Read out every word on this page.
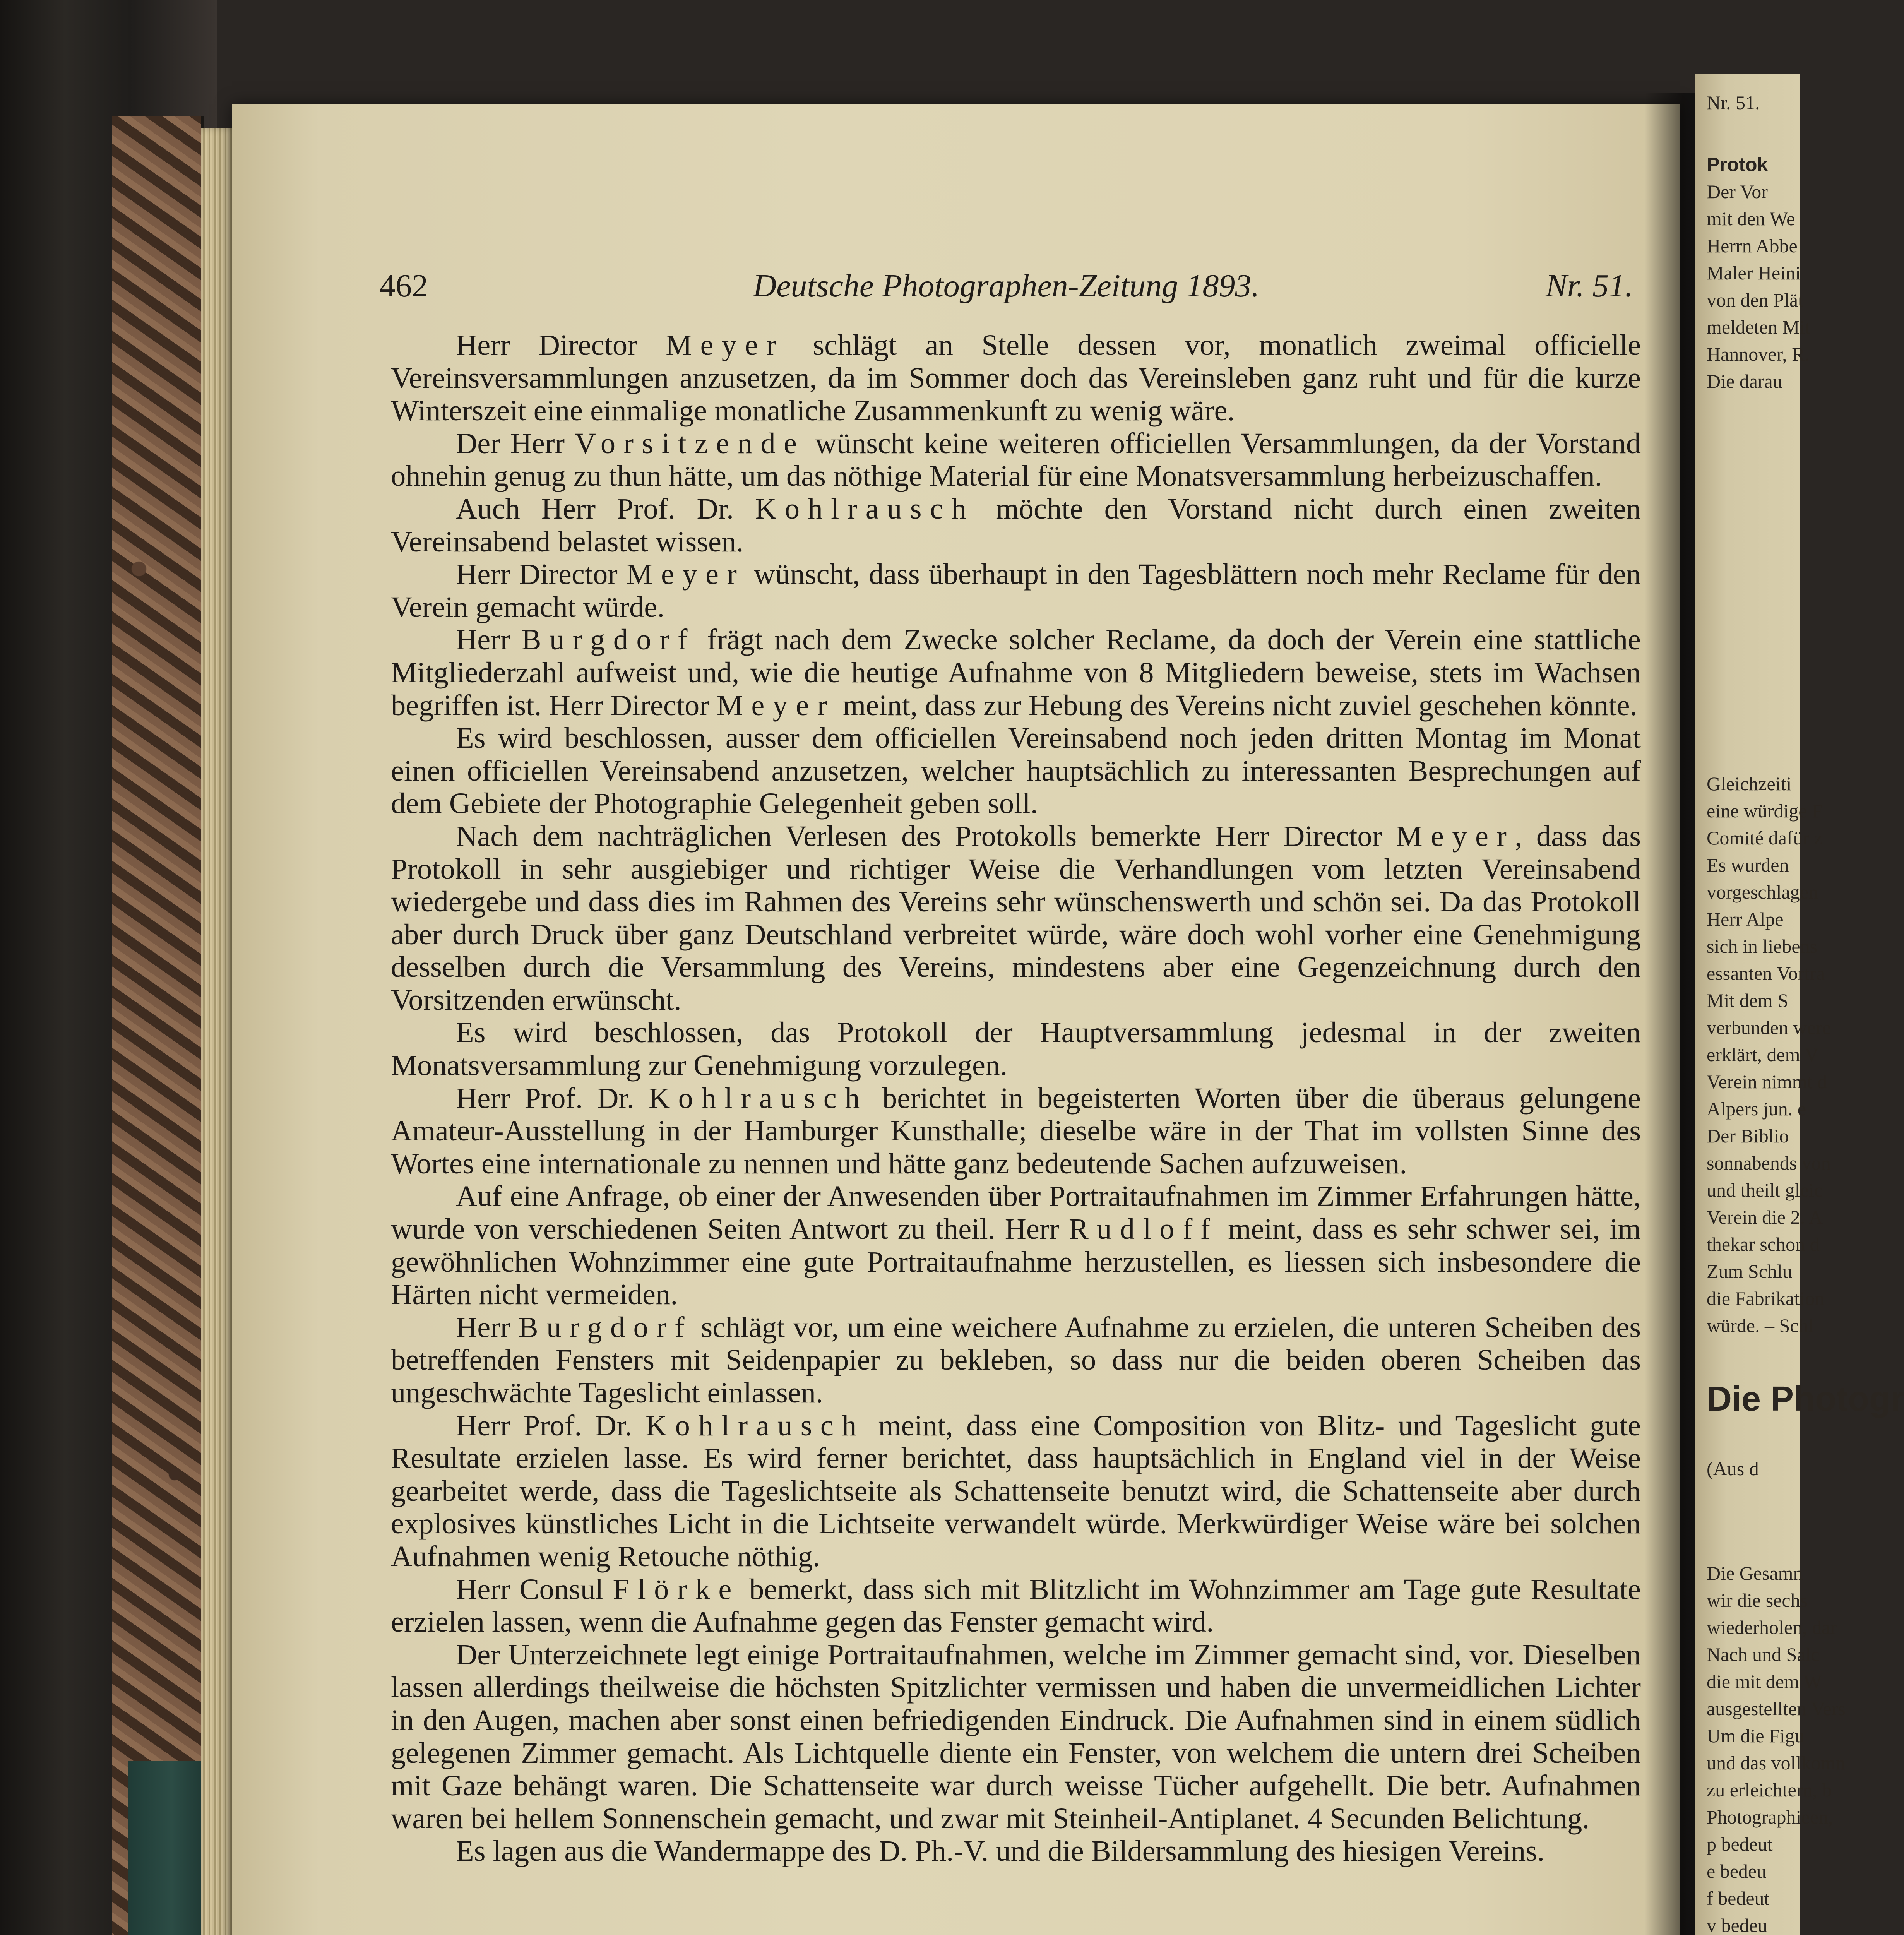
462	Deutsche Photographen-Zeitung 1893.	Nr. 51.

Herr Director Meyer schlägt an Stelle dessen vor, monatlich zweimal officielle Vereinsversammlungen anzusetzen, da im Sommer doch das Vereinsleben ganz ruht und für die kurze Winterszeit eine einmalige monatliche Zusammenkunft zu wenig wäre.

Der Herr Vorsitzende wünscht keine weiteren officiellen Versammlungen, da der Vorstand ohnehin genug zu thun hätte, um das nöthige Material für eine Monatsversammlung herbeizuschaffen.

Auch Herr Prof. Dr. Kohlrausch möchte den Vorstand nicht durch einen zweiten Vereinsabend belastet wissen.

Herr Director Meyer wünscht, dass überhaupt in den Tagesblättern noch mehr Reclame für den Verein gemacht würde.

Herr Burgdorf frägt nach dem Zwecke solcher Reclame, da doch der Verein eine stattliche Mitgliederzahl aufweist und, wie die heutige Aufnahme von 8 Mitgliedern beweise, stets im Wachsen begriffen ist. Herr Director Meyer meint, dass zur Hebung des Vereins nicht zuviel geschehen könnte.

Es wird beschlossen, ausser dem officiellen Vereinsabend noch jeden dritten Montag im Monat einen officiellen Vereinsabend anzusetzen, welcher hauptsächlich zu interessanten Besprechungen auf dem Gebiete der Photographie Gelegenheit geben soll.

Nach dem nachträglichen Verlesen des Protokolls bemerkte Herr Director Meyer, dass das Protokoll in sehr ausgiebiger und richtiger Weise die Verhandlungen vom letzten Vereinsabend wiedergebe und dass dies im Rahmen des Vereins sehr wünschenswerth und schön sei. Da das Protokoll aber durch Druck über ganz Deutschland verbreitet würde, wäre doch wohl vorher eine Genehmigung desselben durch die Versammlung des Vereins, mindestens aber eine Gegenzeichnung durch den Vorsitzenden erwünscht.

Es wird beschlossen, das Protokoll der Hauptversammlung jedesmal in der zweiten Monatsversammlung zur Genehmigung vorzulegen.

Herr Prof. Dr. Kohlrausch berichtet in begeisterten Worten über die überaus gelungene Amateur-Ausstellung in der Hamburger Kunsthalle; dieselbe wäre in der That im vollsten Sinne des Wortes eine internationale zu nennen und hätte ganz bedeutende Sachen aufzuweisen.

Auf eine Anfrage, ob einer der Anwesenden über Portraitaufnahmen im Zimmer Erfahrungen hätte, wurde von verschiedenen Seiten Antwort zu theil. Herr Rudloff meint, dass es sehr schwer sei, im gewöhnlichen Wohnzimmer eine gute Portraitaufnahme herzustellen, es liessen sich insbesondere die Härten nicht vermeiden.

Herr Burgdorf schlägt vor, um eine weichere Aufnahme zu erzielen, die unteren Scheiben des betreffenden Fensters mit Seidenpapier zu bekleben, so dass nur die beiden oberen Scheiben das ungeschwächte Tageslicht einlassen.

Herr Prof. Dr. Kohlrausch meint, dass eine Composition von Blitz- und Tageslicht gute Resultate erzielen lasse. Es wird ferner berichtet, dass hauptsächlich in England viel in der Weise gearbeitet werde, dass die Tageslichtseite als Schattenseite benutzt wird, die Schattenseite aber durch explosives künstliches Licht in die Lichtseite verwandelt würde. Merkwürdiger Weise wäre bei solchen Aufnahmen wenig Retouche nöthig.

Herr Consul Flörke bemerkt, dass sich mit Blitzlicht im Wohnzimmer am Tage gute Resultate erzielen lassen, wenn die Aufnahme gegen das Fenster gemacht wird.

Der Unterzeichnete legt einige Portraitaufnahmen, welche im Zimmer gemacht sind, vor. Dieselben lassen allerdings theilweise die höchsten Spitzlichter vermissen und haben die unvermeidlichen Lichter in den Augen, machen aber sonst einen befriedigenden Eindruck. Die Aufnahmen sind in einem südlich gelegenen Zimmer gemacht. Als Lichtquelle diente ein Fenster, von welchem die untern drei Scheiben mit Gaze behängt waren. Die Schattenseite war durch weisse Tücher aufgehellt. Die betr. Aufnahmen waren bei hellem Sonnenschein gemacht, und zwar mit Steinheil-Antiplanet. 4 Secunden Belichtung.

Es lagen aus die Wandermappe des D. Ph.-V. und die Bildersammlung des hiesigen Vereins.

Nr. 51.
Protok
Der Vor
mit den We
Herrn Abbe
Maler Heini
von den Plät
meldeten Mit
Hannover, R.
Die darau
Gleichzeiti
eine würdige F
Comité dafür z
Es wurden
vorgeschlagen
Herr Alpe
sich in liebens
essanten Vortra
Mit dem S
verbunden were
erklärt, dem V
Verein nimmt d
Alpers jun. e
Der Biblio
sonnabends von
und theilt gleic
Verein die 2. A
thekar schon d
Zum Schlu
die Fabrikation
würde. – Schl
Die Photogr
(Aus d
Die Gesamn
wir die sechs
wiederholen, dar
Nach und Salc
die mit dem W
ausgestellten Vers
Um die Figu
und das vollkomn
zu erleichtern, b
Photographieen,
p bedeut
e bedeu
f bedeut
v bedeu
